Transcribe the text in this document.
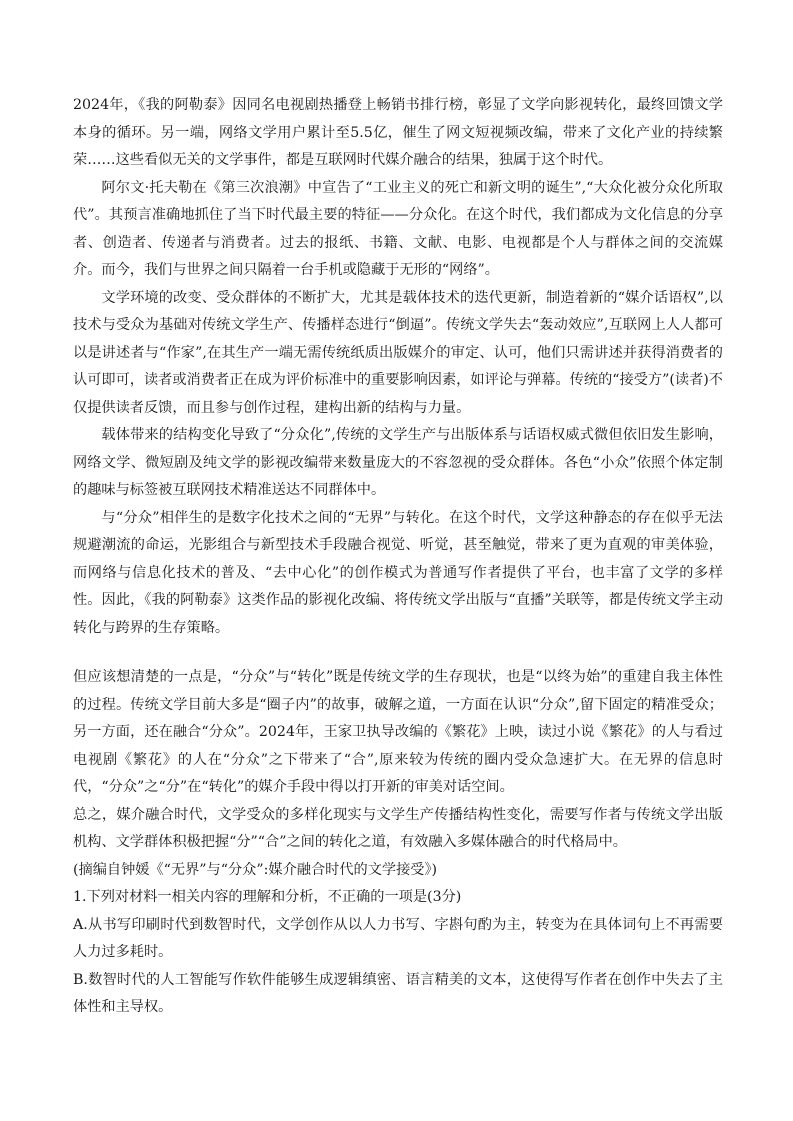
2024年，《我的阿勒泰》因同名电视剧热播登上畅销书排行榜，彰显了文学向影视转化，最终回馈文学本身的循环。另一端，网络文学用户累计至5.5亿，催生了网文短视频改编，带来了文化产业的持续繁荣……这些看似无关的文学事件，都是互联网时代媒介融合的结果，独属于这个时代。

阿尔文·托夫勒在《第三次浪潮》中宣告了“工业主义的死亡和新文明的诞生”,“大众化被分众化所取代”。其预言准确地抓住了当下时代最主要的特征——分众化。在这个时代，我们都成为文化信息的分享者、创造者、传递者与消费者。过去的报纸、书籍、文献、电影、电视都是个人与群体之间的交流媒介。而今，我们与世界之间只隔着一台手机或隐藏于无形的“网络”。

文学环境的改变、受众群体的不断扩大，尤其是载体技术的迭代更新，制造着新的“媒介话语权”,以技术与受众为基础对传统文学生产、传播样态进行“倒逼”。传统文学失去“轰动效应”,互联网上人人都可以是讲述者与“作家”,在其生产一端无需传统纸质出版媒介的审定、认可，他们只需讲述并获得消费者的认可即可，读者或消费者正在成为评价标准中的重要影响因素，如评论与弹幕。传统的“接受方”(读者)不仅提供读者反馈，而且参与创作过程，建构出新的结构与力量。

载体带来的结构变化导致了“分众化”,传统的文学生产与出版体系与话语权威式微但依旧发生影响，网络文学、微短剧及纯文学的影视改编带来数量庞大的不容忽视的受众群体。各色“小众”依照个体定制的趣味与标签被互联网技术精准送达不同群体中。

与“分众”相伴生的是数字化技术之间的“无界”与转化。在这个时代，文学这种静态的存在似乎无法规避潮流的命运，光影组合与新型技术手段融合视觉、听觉，甚至触觉，带来了更为直观的审美体验，而网络与信息化技术的普及、“去中心化”的创作模式为普通写作者提供了平台，也丰富了文学的多样性。因此，《我的阿勒泰》这类作品的影视化改编、将传统文学出版与“直播”关联等，都是传统文学主动转化与跨界的生存策略。

但应该想清楚的一点是，“分众”与“转化”既是传统文学的生存现状，也是“以终为始”的重建自我主体性的过程。传统文学目前大多是“圈子内”的故事，破解之道，一方面在认识“分众”,留下固定的精准受众；另一方面，还在融合“分众”。2024年，王家卫执导改编的《繁花》上映，读过小说《繁花》的人与看过电视剧《繁花》的人在“分众”之下带来了“合”,原来较为传统的圈内受众急速扩大。在无界的信息时代，“分众”之“分”在“转化”的媒介手段中得以打开新的审美对话空间。

总之，媒介融合时代，文学受众的多样化现实与文学生产传播结构性变化，需要写作者与传统文学出版机构、文学群体积极把握“分”“合”之间的转化之道，有效融入多媒体融合的时代格局中。

(摘编自钟媛《“无界”与“分众”:媒介融合时代的文学接受》)

1.下列对材料一相关内容的理解和分析，不正确的一项是(3分)

A.从书写印刷时代到数智时代，文学创作从以人力书写、字斟句酌为主，转变为在具体词句上不再需要人力过多耗时。

B.数智时代的人工智能写作软件能够生成逻辑缜密、语言精美的文本，这使得写作者在创作中失去了主体性和主导权。
